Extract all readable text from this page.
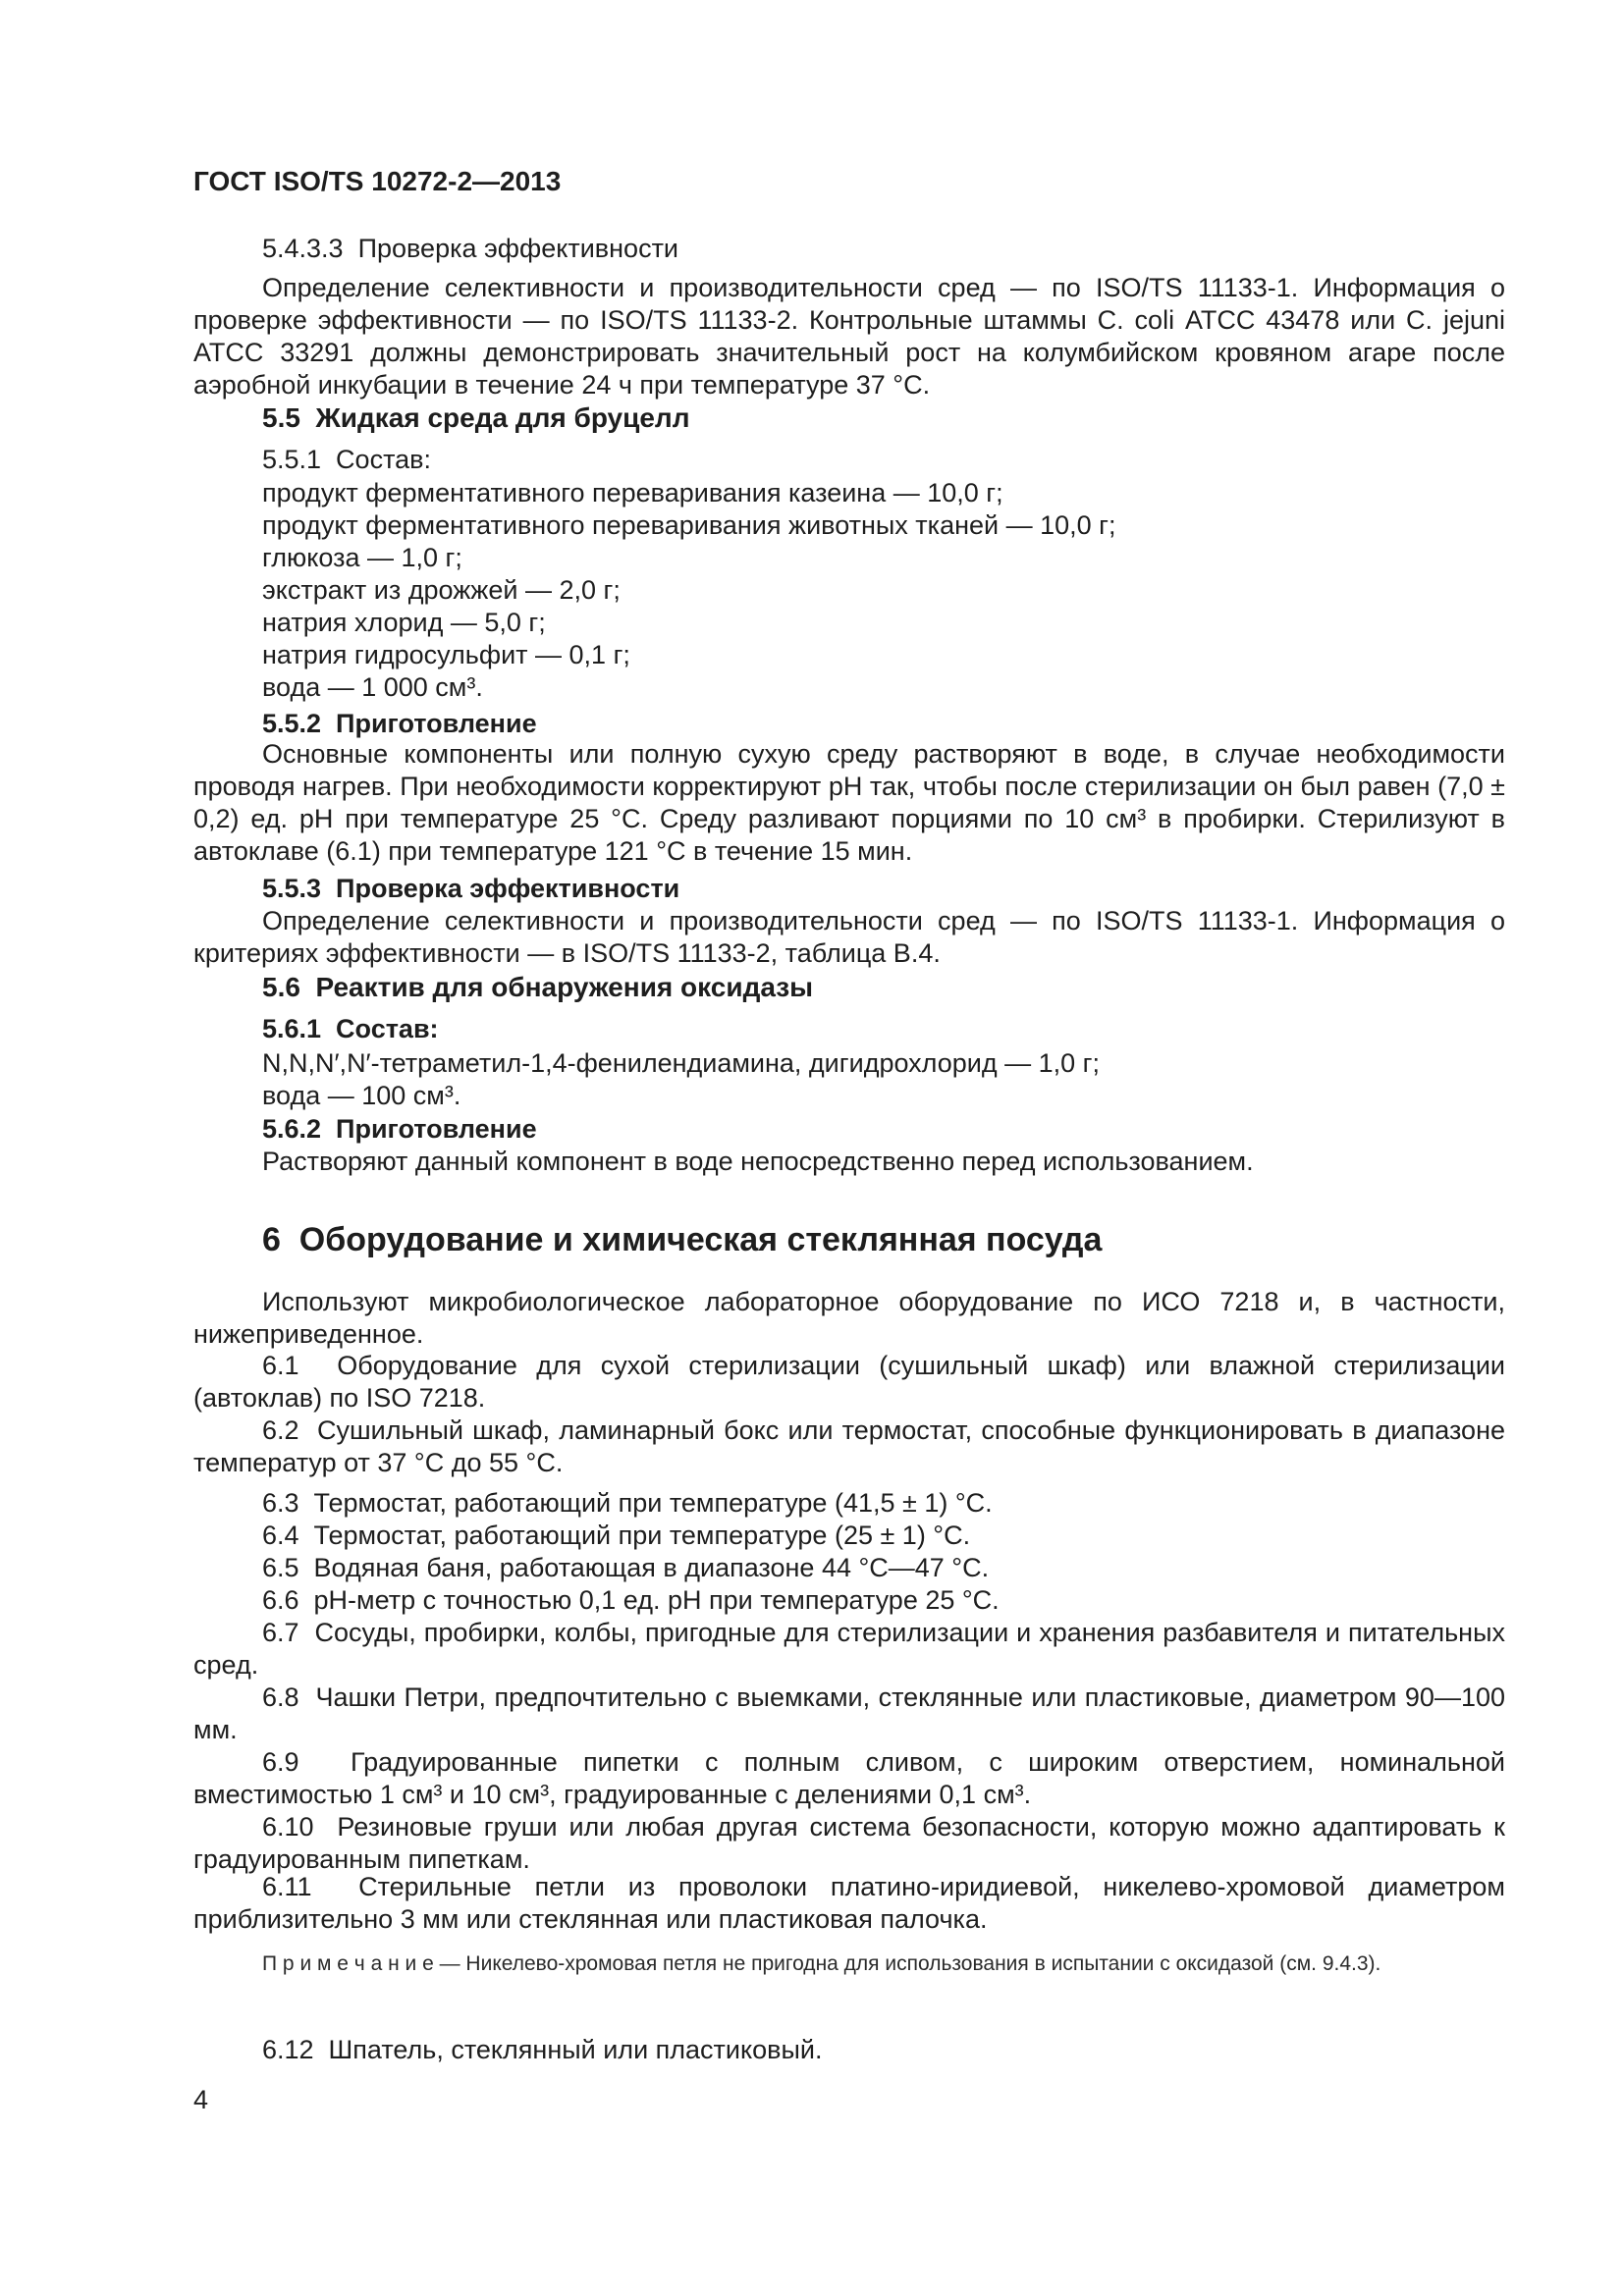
ГОСТ ISO/TS 10272-2—2013
5.4.3.3  Проверка эффективности
Определение селективности и производительности сред — по ISO/TS 11133-1. Информация о проверке эффективности — по ISO/TS 11133-2. Контрольные штаммы C. coli АТСС 43478 или C. jejuni АТСС 33291 должны демонстрировать значительный рост на колумбийском кровяном агаре после аэробной инкубации в течение 24 ч при температуре 37 °C.
5.5  Жидкая среда для бруцелл
5.5.1  Состав:
продукт ферментативного переваривания казеина — 10,0 г;
продукт ферментативного переваривания животных тканей — 10,0 г;
глюкоза — 1,0 г;
экстракт из дрожжей — 2,0 г;
натрия хлорид — 5,0 г;
натрия гидросульфит — 0,1 г;
вода — 1 000 см³.
5.5.2  Приготовление
Основные компоненты или полную сухую среду растворяют в воде, в случае необходимости проводя нагрев. При необходимости корректируют pH так, чтобы после стерилизации он был равен (7,0 ± 0,2) ед. pH при температуре 25 °C. Среду разливают порциями по 10 см³ в пробирки. Стерилизуют в автоклаве (6.1) при температуре 121 °C в течение 15 мин.
5.5.3  Проверка эффективности
Определение селективности и производительности сред — по ISO/TS 11133-1. Информация о критериях эффективности — в ISO/TS 11133-2, таблица В.4.
5.6  Реактив для обнаружения оксидазы
5.6.1  Состав:
N,N,N′,N′-тетраметил-1,4-фенилендиамина, дигидрохлорид — 1,0 г;
вода — 100 см³.
5.6.2  Приготовление
Растворяют данный компонент в воде непосредственно перед использованием.
6  Оборудование и химическая стеклянная посуда
Используют микробиологическое лабораторное оборудование по ИСО 7218 и, в частности, нижеприведенное.
6.1  Оборудование для сухой стерилизации (сушильный шкаф) или влажной стерилизации (автоклав) по ISO 7218.
6.2  Сушильный шкаф, ламинарный бокс или термостат, способные функционировать в диапазоне температур от 37 °C до 55 °C.
6.3  Термостат, работающий при температуре (41,5 ± 1) °C.
6.4  Термостат, работающий при температуре (25 ± 1) °C.
6.5  Водяная баня, работающая в диапазоне 44 °C—47 °C.
6.6  pH-метр с точностью 0,1 ед. pH при температуре 25 °C.
6.7  Сосуды, пробирки, колбы, пригодные для стерилизации и хранения разбавителя и питательных сред.
6.8  Чашки Петри, предпочтительно с выемками, стеклянные или пластиковые, диаметром 90—100 мм.
6.9  Градуированные пипетки с полным сливом, с широким отверстием, номинальной вместимостью 1 см³ и 10 см³, градуированные с делениями 0,1 см³.
6.10  Резиновые груши или любая другая система безопасности, которую можно адаптировать к градуированным пипеткам.
6.11  Стерильные петли из проволоки платино-иридиевой, никелево-хромовой диаметром приблизительно 3 мм или стеклянная или пластиковая палочка.
П р и м е ч а н и е — Никелево-хромовая петля не пригодна для использования в испытании с оксидазой (см. 9.4.3).
6.12  Шпатель, стеклянный или пластиковый.
4
